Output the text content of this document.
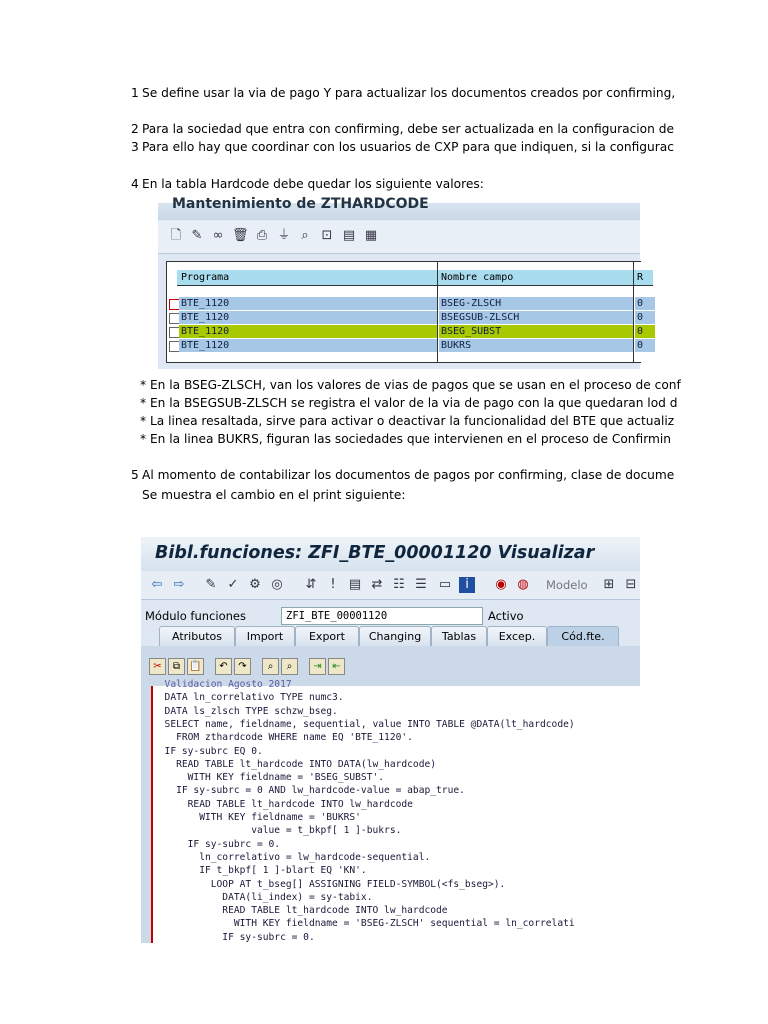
1 Se define usar la via de pago Y para actualizar los documentos creados por confirming,
2 Para la sociedad que entra con confirming, debe ser actualizada en la configuracion de
3 Para ello hay que coordinar con los usuarios de CXP para que indiquen, si la configurac
4 En la tabla Hardcode debe quedar los siguiente valores:
Mantenimiento de ZTHARDCODE
🗋 ✎ ∞ 🗑 ⎙ ⏚ ⌕ ⊡ ▤ ▦
Programa	Nombre campo	R
BTE_1120	BSEG-ZLSCH	0
BTE_1120	BSEGSUB-ZLSCH	0
BTE_1120	BSEG_SUBST	0
BTE_1120	BUKRS	0
* En la BSEG-ZLSCH, van los valores de vias de pagos que se usan en el proceso de conf
* En la BSEGSUB-ZLSCH se registra el valor de la via de pago con la que quedaran lod d
* La linea resaltada, sirve para activar o deactivar la funcionalidad del BTE que actualiz
* En la linea BUKRS, figuran las sociedades que intervienen en el proceso de Confirmin
5 Al momento de contabilizar los documentos de pagos por confirming, clase de docume
Se muestra el cambio en el print siguiente:
Bibl.funciones: ZFI_BTE_00001120 Visualizar
⇦ ⇨ ✎ ✓ ⚙ ◎ ⇵	!	▤ ⇄ ☷ ☰ ▭	i	◉ ◍ Modelo ⊞ ⊟
Módulo funciones	ZFI_BTE_00001120	Activo
Atributos	Import	Export	Changing	Tablas	Excep.	Cód.fte.
✂	⧉ 📋	↶	↷	⌕	⌕	⇥	⇤
Validacion Agosto 2017
DATA ln_correlativo TYPE numc3.
DATA ls_zlsch TYPE schzw_bseg.
SELECT name, fieldname, sequential, value INTO TABLE @DATA(lt_hardcode)
FROM zthardcode WHERE name EQ 'BTE_1120'.
IF sy-subrc EQ 0.
READ TABLE lt_hardcode INTO DATA(lw_hardcode)
WITH KEY fieldname = 'BSEG_SUBST'.
IF sy-subrc = 0 AND lw_hardcode-value = abap_true.
READ TABLE lt_hardcode INTO lw_hardcode
WITH KEY fieldname = 'BUKRS'
value = t_bkpf[ 1 ]-bukrs.
IF sy-subrc = 0.
ln_correlativo = lw_hardcode-sequential.
IF t_bkpf[ 1 ]-blart EQ 'KN'.
LOOP AT t_bseg[] ASSIGNING FIELD-SYMBOL(<fs_bseg>).
DATA(li_index) = sy-tabix.
READ TABLE lt_hardcode INTO lw_hardcode
WITH KEY fieldname = 'BSEG-ZLSCH' sequential = ln_correlati
IF sy-subrc = 0.
